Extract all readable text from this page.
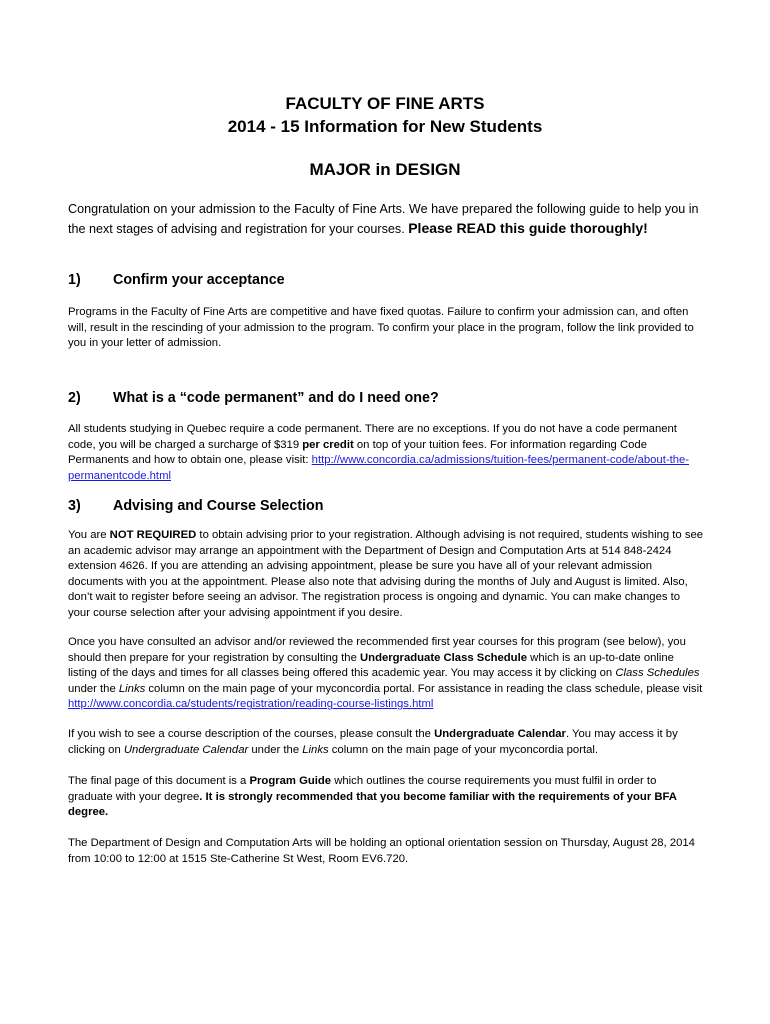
FACULTY OF FINE ARTS
2014 - 15 Information for New Students
MAJOR in DESIGN
Congratulation on your admission to the Faculty of Fine Arts. We have prepared the following guide to help you in the next stages of advising and registration for your courses. Please READ this guide thoroughly!
1) Confirm your acceptance

Programs in the Faculty of Fine Arts are competitive and have fixed quotas. Failure to confirm your admission can, and often will, result in the rescinding of your admission to the program. To confirm your place in the program, follow the link provided to you in your letter of admission.

2) What is a “code permanent” and do I need one?

All students studying in Quebec require a code permanent. There are no exceptions. If you do not have a code permanent code, you will be charged a surcharge of $319 per credit on top of your tuition fees. For information regarding Code Permanents and how to obtain one, please visit: http://www.concordia.ca/admissions/tuition-fees/permanent-code/about-the-permanentcode.html

3) Advising and Course Selection

You are NOT REQUIRED to obtain advising prior to your registration. Although advising is not required, students wishing to see an academic advisor may arrange an appointment with the Department of Design and Computation Arts at 514 848-2424 extension 4626. If you are attending an advising appointment, please be sure you have all of your relevant admission documents with you at the appointment. Please also note that advising during the months of July and August is limited. Also, don’t wait to register before seeing an advisor. The registration process is ongoing and dynamic. You can make changes to your course selection after your advising appointment if you desire.

Once you have consulted an advisor and/or reviewed the recommended first year courses for this program (see below), you should then prepare for your registration by consulting the Undergraduate Class Schedule which is an up-to-date online listing of the days and times for all classes being offered this academic year. You may access it by clicking on Class Schedules under the Links column on the main page of your myconcordia portal. For assistance in reading the class schedule, please visit http://www.concordia.ca/students/registration/reading-course-listings.html

If you wish to see a course description of the courses, please consult the Undergraduate Calendar. You may access it by clicking on Undergraduate Calendar under the Links column on the main page of your myconcordia portal.

The final page of this document is a Program Guide which outlines the course requirements you must fulfil in order to graduate with your degree. It is strongly recommended that you become familiar with the requirements of your BFA degree.

The Department of Design and Computation Arts will be holding an optional orientation session on Thursday, August 28, 2014 from 10:00 to 12:00 at 1515 Ste-Catherine St West, Room EV6.720.
